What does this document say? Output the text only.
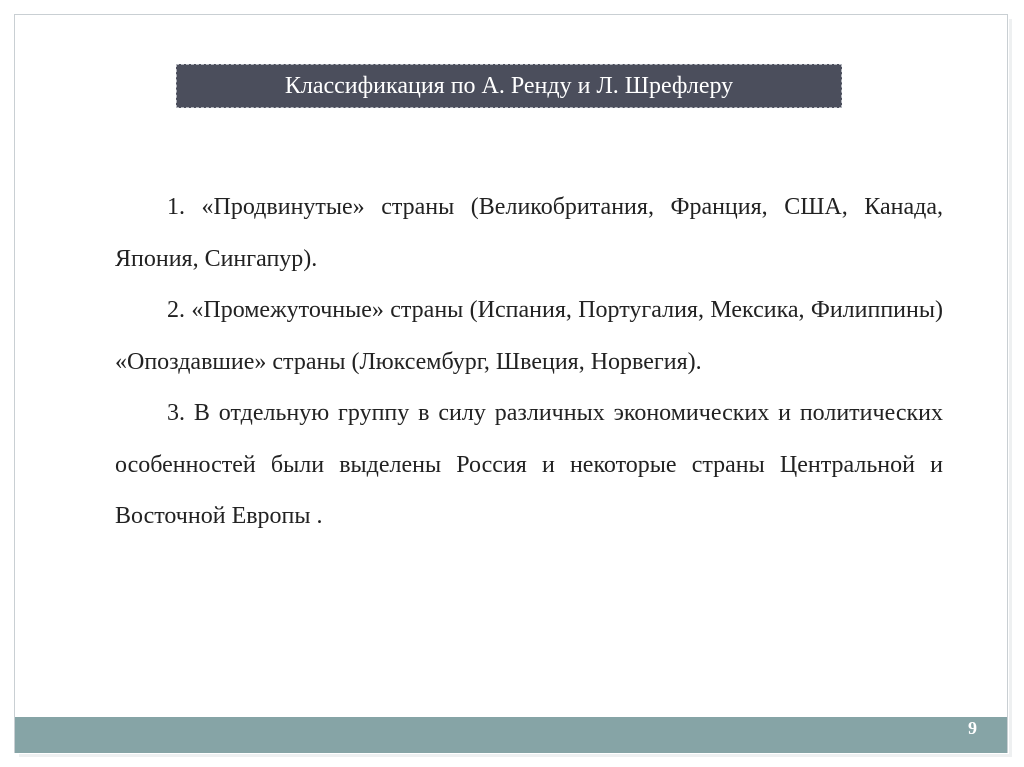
Классификация по А. Ренду и Л. Шрефлеру

1. «Продвинутые» страны (Великобритания, Франция, США, Канада, Япония, Сингапур).

2. «Промежуточные» страны (Испания, Португалия, Мексика, Филиппины) «Опоздавшие» страны (Люксембург, Швеция, Норвегия).

3. В отдельную группу в силу различных экономических и политических особенностей были выделены Россия и некоторые страны Центральной и Восточной Европы .

9
